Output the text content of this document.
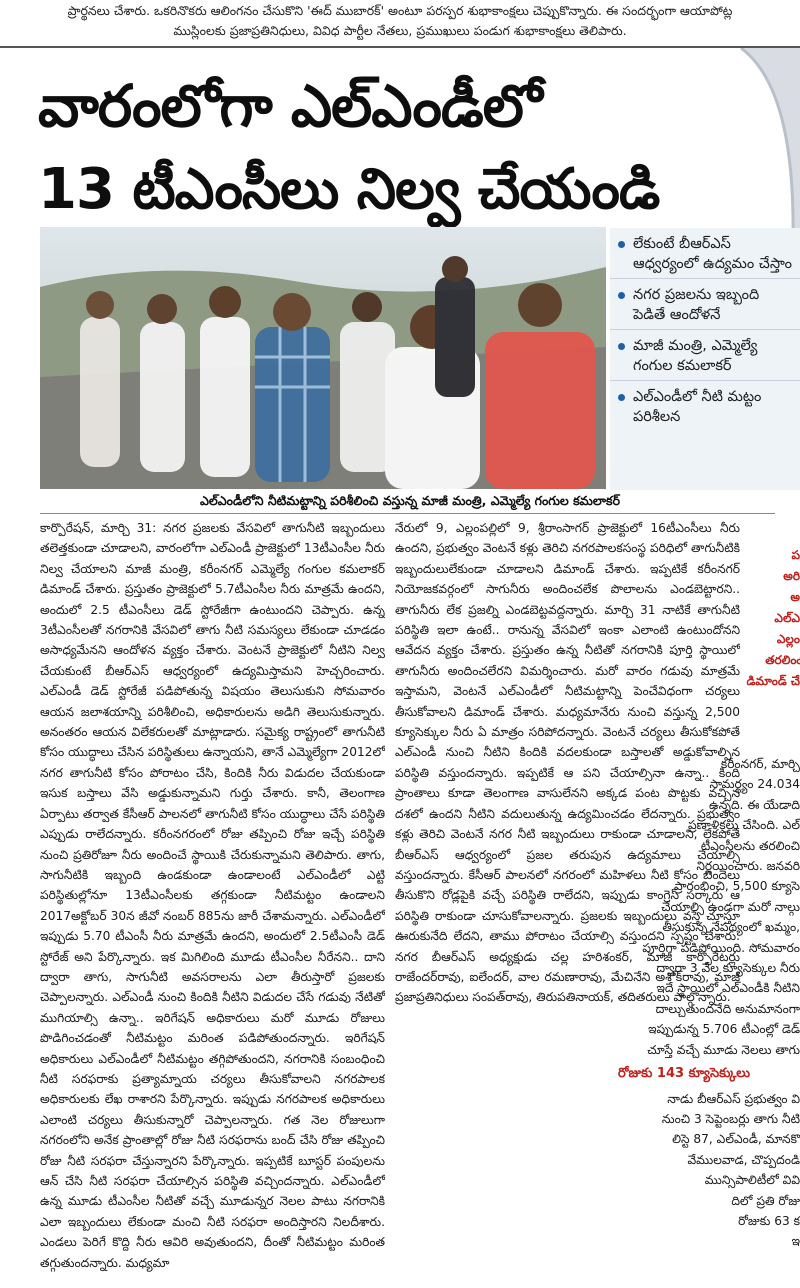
ప్రార్థనలు చేశారు. ఒకరినొకరు ఆలింగనం చేసుకొని 'ఈద్ ముబారక్' అంటూ పరస్పర శుభాకాంక్షలు చెప్పుకొన్నారు. ఈ సందర్భంగా ఆయాపోట్ల
ముస్లింలకు ప్రజాప్రతినిధులు, వివిధ పార్టీల నేతలు, ప్రముఖులు పండుగ శుభాకాంక్షలు తెలిపారు.
వారంలోగా ఎల్ఎండీలో
13 టీఎంసీలు నిల్వ చేయండి
లేకుంటే బీఆర్ఎస్ ఆధ్వర్యంలో ఉద్యమం చేస్తాం
నగర ప్రజలను ఇబ్బంది పెడితే ఆందోళనే
మాజీ మంత్రి, ఎమ్మెల్యే గంగుల కమలాకర్
ఎల్ఎండీలో నీటి మట్టం పరిశీలన
ఎల్ఎండీలోని నీటిమట్టాన్ని పరిశీలించి వస్తున్న మాజీ మంత్రి, ఎమ్మెల్యే గంగుల కమలాకర్

కార్పొరేషన్, మార్చి 31: నగర ప్రజలకు వేసవిలో తాగునీటి ఇబ్బందులు తలెత్తకుండా చూడాలని, వారంలోగా ఎల్ఎండీ ప్రాజెక్టులో 13టీఎంసీల నీరు నిల్వ చేయాలని మాజీ మంత్రి, కరీంనగర్ ఎమ్మెల్యే గంగుల కమలాకర్ డిమాండ్ చేశారు. ప్రస్తుతం ప్రాజెక్టులో 5.7టీఎంసీల నీరు మాత్రమే ఉందని, అందులో 2.5 టీఎంసీలు డెడ్ స్టోరేజీగా ఉంటుందని చెప్పారు. ఉన్న 3టీఎంసీలతో నగరానికి వేసవిలో తాగు నీటి సమస్యలు లేకుండా చూడడం అసాధ్యమేనని ఆందోళన వ్యక్తం చేశారు. వెంటనే ప్రాజెక్టులో నీటిని నిల్వ చేయకుంటే బీఆర్ఎస్ ఆధ్వర్యంలో ఉద్యమిస్తామని హెచ్చరించారు. ఎల్ఎండీ డెడ్ స్టోరేజీ పడిపోతున్న విషయం తెలుసుకుని సోమవారం ఆయన జలాశయాన్ని పరిశీలించి, అధికారులను అడిగి తెలుసుకున్నారు. అనంతరం ఆయన విలేకరులతో మాట్లాడారు. సమైక్య రాష్ట్రంలో తాగునీటి కోసం యుద్ధాలు చేసిన పరిస్థితులు ఉన్నాయని, తానే ఎమ్మెల్యేగా 2012లో నగర తాగునీటి కోసం పోరాటం చేసి, కిందికి నీరు విడుదల చేయకుండా ఇసుక బస్తాలు వేసి అడ్డుకున్నామని గుర్తు చేశారు. కానీ, తెలంగాణ ఏర్పాటు తర్వాత కేసీఆర్ పాలనలో తాగునీటి కోసం యుద్ధాలు చేసే పరిస్థితి ఎప్పుడు రాలేదన్నారు. కరీంనగరంలో రోజు తప్పించి రోజు ఇచ్చే పరిస్థితి నుంచి ప్రతిరోజూ నీరు అందించే స్థాయికి చేరుకున్నామని తెలిపారు. తాగు, సాగునీటికి ఇబ్బంది ఉండకుండా ఉండాలంటే ఎల్ఎండీలో ఎట్టి పరిస్థితుల్లోనూ 13టీఎంసీలకు తగ్గకుండా నీటిమట్టం ఉండాలని 2017అక్టోబర్ 30న జీవో నంబర్ 885ను జారీ చేశామన్నారు. ఎల్ఎండీలో ఇప్పుడు 5.70 టీఎంసీ నీరు మాత్రమే ఉందని, అందులో 2.5టీఎంసీ డెడ్ స్టోరేజ్ అని పేర్కొన్నారు. ఇక మిగిలింది మూడు టీఎంసీల నీరేనని.. దాని ద్వారా తాగు, సాగునీటి అవసరాలను ఎలా తీరుస్తారో ప్రజలకు చెప్పాలన్నారు. ఎల్ఎండీ నుంచి కిందికి నీటిని విడుదల చేసే గడువు నేటితో ముగియాల్సి ఉన్నా.. ఇరిగేషన్ అధికారులు మరో మూడు రోజులు పొడిగించడంతో నీటిమట్టం మరింత పడిపోతుందన్నారు. ఇరిగేషన్ అధికారులు ఎల్ఎండీలో నీటిమట్టం తగ్గిపోతుందని, నగరానికి సంబంధించి నీటి సరఫరాకు ప్రత్యామ్నాయ చర్యలు తీసుకోవాలని నగరపాలక అధికారులకు లేఖ రాశారని పేర్కొన్నారు. ఇప్పుడు నగరపాలక అధికారులు ఎలాంటి చర్యలు తీసుకున్నారో చెప్పాలన్నారు. గత నెల రోజులుగా నగరంలోని అనేక ప్రాంతాల్లో రోజు నీటి సరఫరాను బంద్ చేసి రోజు తప్పించి రోజు నీటి సరఫరా చేస్తున్నారని పేర్కొన్నారు. ఇప్పటికే బూస్టర్ పంపులను ఆన్ చేసి నీటి సరఫరా చేయాల్సిన పరిస్థితి వచ్చిందన్నారు. ఎల్ఎండీలో ఉన్న మూడు టీఎంసీల నీటితో వచ్చే మూడున్నర నెలల పాటు నగరానికి ఎలా ఇబ్బందులు లేకుండా మంచి నీటి సరఫరా అందిస్తారని నిలదీశారు. ఎండలు పెరిగే కొద్ది నీరు ఆవిరి అవుతుందని, దీంతో నీటిమట్టం మరింత తగ్గుతుందన్నారు. మధ్యమా

నేరులో 9, ఎల్లంపల్లిలో 9, శ్రీరాంసాగర్ ప్రాజెక్టులో 16టీఎంసీలు నీరు ఉందని, ప్రభుత్వం వెంటనే కళ్లు తెరిచి నగరపాలకసంస్థ పరిధిలో తాగునీటికి ఇబ్బందులులేకుండా చూడాలని డిమాండ్ చేశారు. ఇప్పటికే కరీంనగర్ నియోజకవర్గంలో సాగునీరు అందించలేక పొలాలను ఎండబెట్టారని.. తాగునీరు లేక ప్రజల్ని ఎండబెట్టవద్దన్నారు. మార్చి 31 నాటికే తాగునీటి పరిస్థితి ఇలా ఉంటే.. రానున్న వేసవిలో ఇంకా ఎలాంటి ఉంటుందోనని ఆవేదన వ్యక్తం చేశారు. ప్రస్తుతం ఉన్న నీటితో నగరానికి పూర్తి స్థాయిలో తాగునీరు అందించలేరని విమర్శించారు. మరో వారం గడువు మాత్రమే ఇస్తామని, వెంటనే ఎల్ఎండీలో నీటిమట్టాన్ని పెంచేవిధంగా చర్యలు తీసుకోవాలని డిమాండ్ చేశారు. మధ్యమానేరు నుంచి వస్తున్న 2,500 క్యూసెక్కుల నీరు ఏ మాత్రం సరిపోదన్నారు. వెంటనే చర్యలు తీసుకోకపోతే ఎల్ఎండీ నుంచి నీటిని కిందికి వదలకుండా బస్తాలతో అడ్డుకోవాల్సిన పరిస్థితి వస్తుందన్నారు. ఇప్పటికే ఆ పని చేయాల్సినా ఉన్నా.. కింది ప్రాంతాలు కూడా తెలంగాణ వాసులేనని అక్కడ పంట పొట్టకు వచ్చిన దశలో ఉందని నీటిని వదులుతున్న ఉద్యమించడం లేదన్నారు. ప్రభుత్వం కళ్లు తెరిచి వెంటనే నగర నీటి ఇబ్బందులు రాకుండా చూడాలని, లేకపోతే బీఆర్ఎస్ ఆధ్వర్యంలో ప్రజల తరుపున ఉద్యమాలు చేయాల్సి వస్తుందన్నారు. కేసీఆర్ పాలనలో నగరంలో మహిళలు నీటి కోసం బిందెలు తీసుకొని రోడ్లపైకి వచ్చే పరిస్థితి రాలేదని, ఇప్పుడు కాంగ్రెస్ సర్కారు ఆ పరిస్థితి రాకుండా చూసుకోవాలన్నారు. ప్రజలకు ఇబ్బందులు వస్తే చూస్తూ ఊరుకునేది లేదని, తాము పోరాటం చేయాల్సి వస్తుందని స్పష్టం చేశారు. నగర బీఆర్ఎస్ అధ్యక్షుడు చల్ల హరిశంకర్, మాజీ కార్పొరేటర్లు రాజేందర్‌రావు, ఐలేందర్, వాల రమణారావు, మేచినేని అశోక్‌రావు, మాజీ ప్రజాప్రతినిధులు సంపత్‌రావు, తిరుపతినాయక్, తదితరులు పాల్గొన్నారు.

ప
అరి
అ
ఎల్ఎ
ఎల్లం
తరలింఁ
డిమాండ్ చే
కరీంనగర్, మార్చి
సామర్థ్యం 24.034
ఉన్నది. ఈ యేడాది
ప్రణాళికలు చేసింది. ఎల్
టీఎంసీలను తరలించి
నిర్ణయించారు. జనవరి
ప్రారంభించి, 5,500 క్యూసె
చేయాల్సి ఉండగా మరో నాల్గు
తీసుకున్న నేపథ్యంలో ఖమ్మం,
పూర్తిగా పడిపోయింది. సోమవారం
ద్వారా 3 వేల క్యూసెక్కుల నీరు
ఇదే స్థాయిలో ఎల్ఎండీకి నీటిని
దాల్చుతుందనేది అనుమానంగా
ఇప్పుడున్న 5.706 టీఎంల్లో డెడ్
చూస్తే వచ్చే మూడు నెలలు తాగు
రోజుకు 143 క్యూసెక్కులు
నాడు బీఆర్ఎస్ ప్రభుత్వం వి
నుంచి 3 సెప్టెంబర్లు తాగు నీటి
లిస్టె 87, ఎల్ఎండీ, మానకొ
వేములవాడ, చొప్పదండి
మున్సిపాలిటీలో వివి
దిలో ప్రతి రోజు
రోజుకు 63 క
ఇ
